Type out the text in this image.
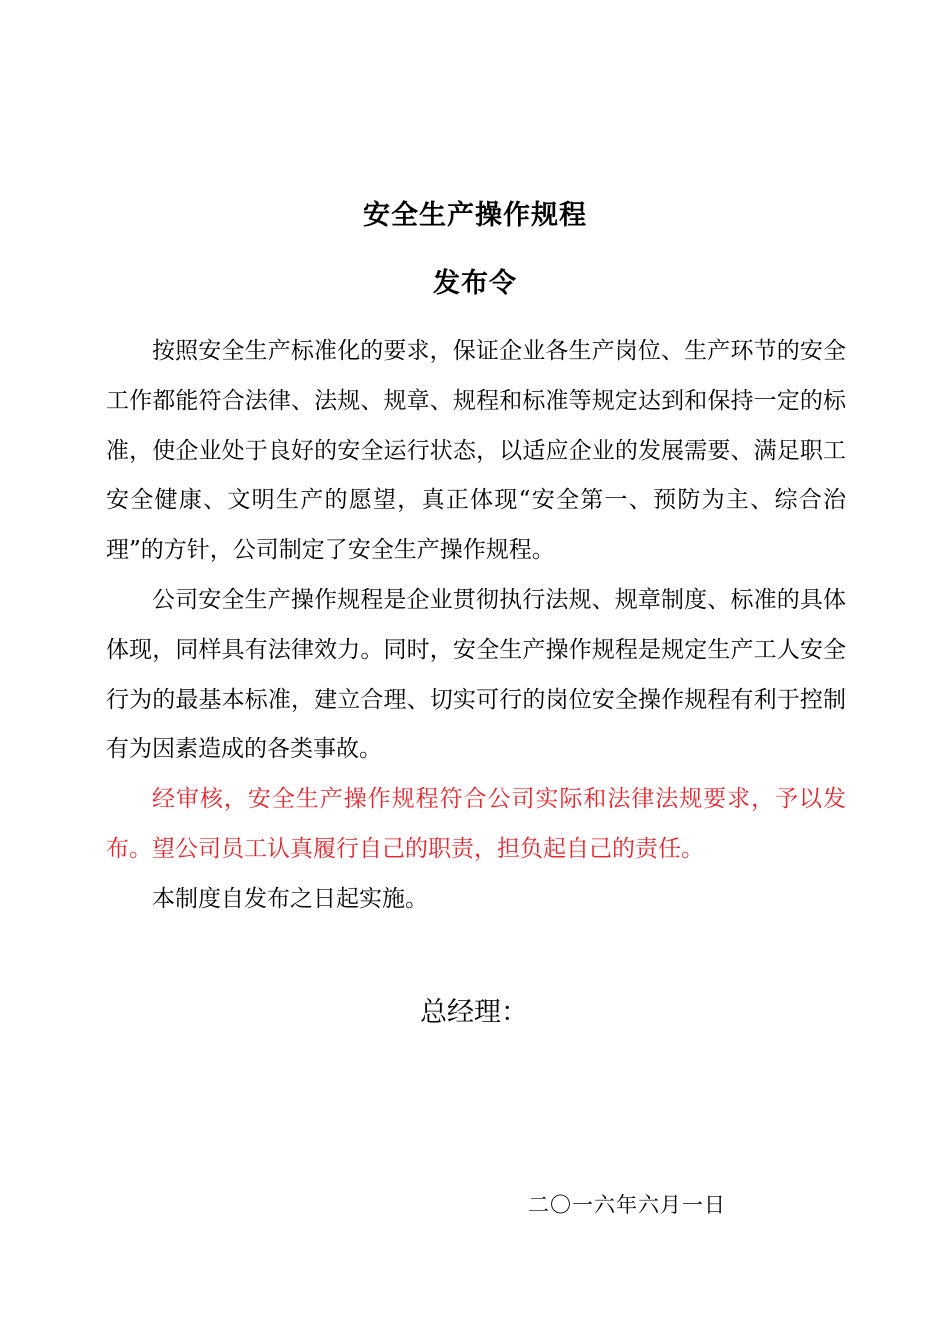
安全生产操作规程
发布令

按照安全生产标准化的要求，保证企业各生产岗位、生产环节的安全工作都能符合法律、法规、规章、规程和标准等规定达到和保持一定的标准，使企业处于良好的安全运行状态，以适应企业的发展需要、满足职工安全健康、文明生产的愿望，真正体现“安全第一、预防为主、综合治理”的方针，公司制定了安全生产操作规程。

公司安全生产操作规程是企业贯彻执行法规、规章制度、标准的具体体现，同样具有法律效力。同时，安全生产操作规程是规定生产工人安全行为的最基本标准，建立合理、切实可行的岗位安全操作规程有利于控制有为因素造成的各类事故。

经审核，安全生产操作规程符合公司实际和法律法规要求，予以发布。望公司员工认真履行自己的职责，担负起自己的责任。

本制度自发布之日起实施。

总经理：
二〇一六年六月一日
